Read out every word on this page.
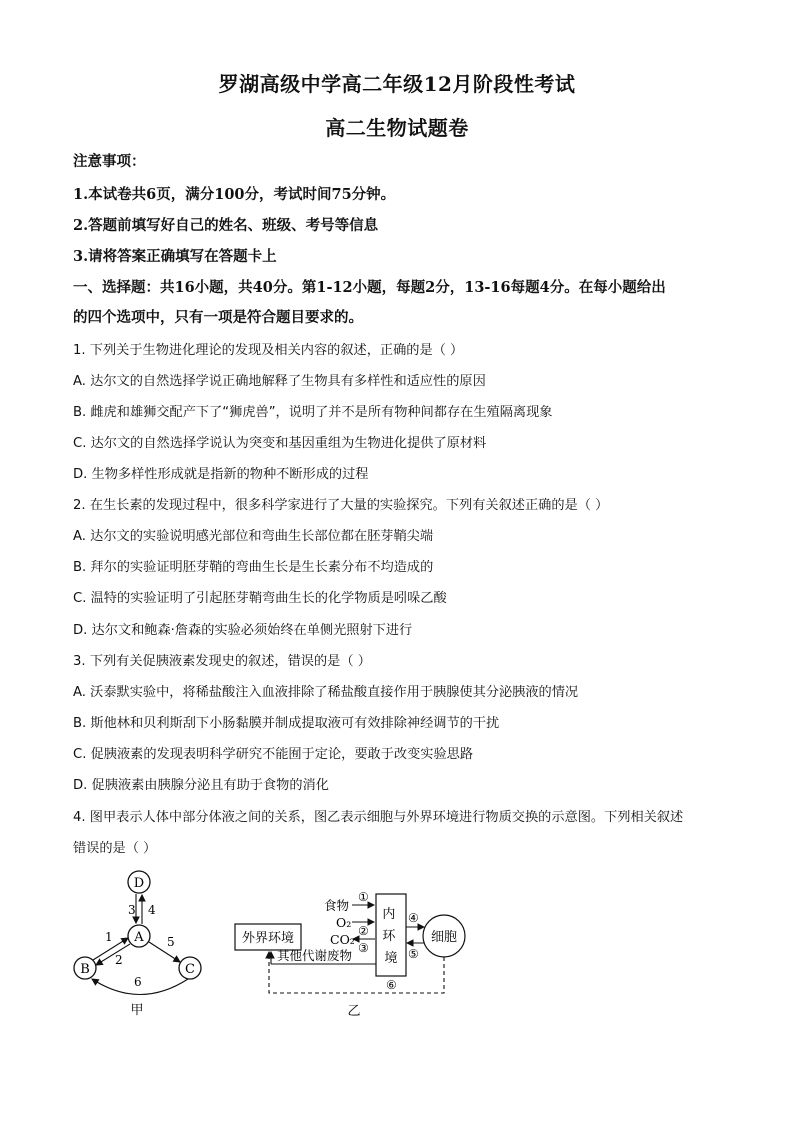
罗湖高级中学高二年级12月阶段性考试
高二生物试题卷
注意事项：
1.本试卷共6页，满分100分，考试时间75分钟。
2.答题前填写好自己的姓名、班级、考号等信息
3.请将答案正确填写在答题卡上
一、选择题：共16小题，共40分。第1-12小题，每题2分，13-16每题4分。在每小题给出
的四个选项中，只有一项是符合题目要求的。
1. 下列关于生物进化理论的发现及相关内容的叙述，正确的是（ ）
A. 达尔文的自然选择学说正确地解释了生物具有多样性和适应性的原因
B. 雌虎和雄狮交配产下了“狮虎兽”，说明了并不是所有物种间都存在生殖隔离现象
C. 达尔文的自然选择学说认为突变和基因重组为生物进化提供了原材料
D. 生物多样性形成就是指新的物种不断形成的过程
2. 在生长素的发现过程中，很多科学家进行了大量的实验探究。下列有关叙述正确的是（ ）
A. 达尔文的实验说明感光部位和弯曲生长部位都在胚芽鞘尖端
B. 拜尔的实验证明胚芽鞘的弯曲生长是生长素分布不均造成的
C. 温特的实验证明了引起胚芽鞘弯曲生长的化学物质是吲哚乙酸
D. 达尔文和鲍森·詹森的实验必须始终在单侧光照射下进行
3. 下列有关促胰液素发现史的叙述，错误的是（ ）
A. 沃泰默实验中，将稀盐酸注入血液排除了稀盐酸直接作用于胰腺使其分泌胰液的情况
B. 斯他林和贝利斯刮下小肠黏膜并制成提取液可有效排除神经调节的干扰
C. 促胰液素的发现表明科学研究不能囿于定论，要敢于改变实验思路
D. 促胰液素由胰腺分泌且有助于食物的消化
4. 图甲表示人体中部分体液之间的关系，图乙表示细胞与外界环境进行物质交换的示意图。下列相关叙述
错误的是（ ）
D
A
B	C
3 4
1
2
5
6
甲
食物
O₂
CO₂
①
②
③
内 环 境
④
⑤
细胞
外界环境
其他代谢废物
⑥
乙
